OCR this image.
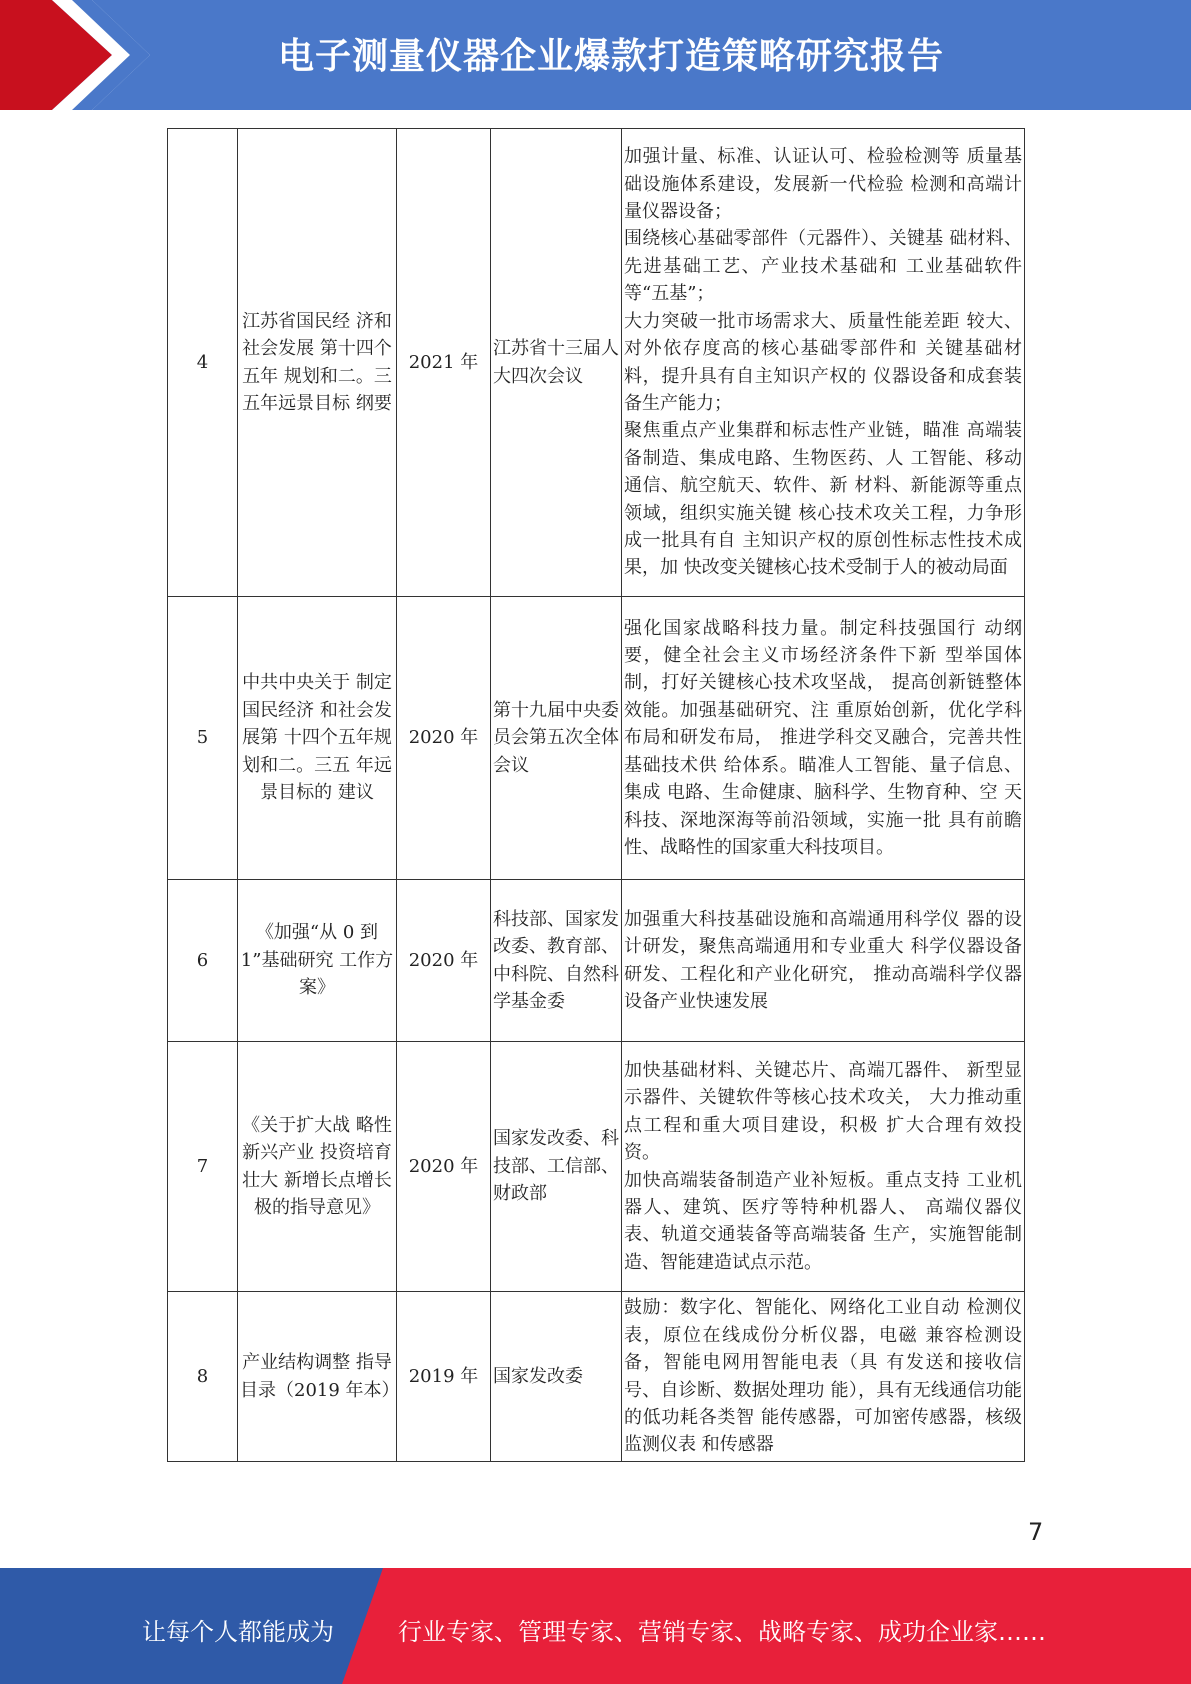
电子测量仪器企业爆款打造策略研究报告
4	江苏省国民经 济和社会发展 第十四个五年 规划和二。三 五年远景目标 纲要	2021 年	江苏省十三届人大四次会议	加强计量、标准、认证认可、检验检测等 质量基础设施体系建设，发展新一代检验 检测和高端计量仪器设备；
围绕核心基础零部件（元器件）、关键基 础材料、先进基础工艺、产业技术基础和 工业基础软件等“五基”；
大力突破一批市场需求大、质量性能差距 较大、对外依存度高的核心基础零部件和 关键基础材料，提升具有自主知识产权的 仪器设备和成套装备生产能力；
聚焦重点产业集群和标志性产业链，瞄准 高端装备制造、集成电路、生物医药、人 工智能、移动通信、航空航天、软件、新 材料、新能源等重点领域，组织实施关键 核心技术攻关工程，力争形成一批具有自 主知识产权的原创性标志性技术成果，加 快改变关键核心技术受制于人的被动局面

5	中共中央关于 制定国民经济 和社会发展第 十四个五年规 划和二。三五 年远景目标的 建议	2020 年	第十九届中央委员会第五次全体会议	强化国家战略科技力量。制定科技强国行 动纲要，健全社会主义市场经济条件下新 型举国体制，打好关键核心技术攻坚战， 提高创新链整体效能。加强基础研究、注 重原始创新，优化学科布局和研发布局， 推进学科交叉融合，完善共性基础技术供 给体系。瞄准人工智能、量子信息、集成 电路、生命健康、脑科学、生物育种、空 天科技、深地深海等前沿领域，实施一批 具有前瞻性、战略性的国家重大科技项目。

6	《加强“从 0 到 1”基础研究 工作方案》	2020 年	科技部、国家发改委、教育部、中科院、自然科学基金委	加强重大科技基础设施和高端通用科学仪 器的设计研发，聚焦高端通用和专业重大 科学仪器设备研发、工程化和产业化研究， 推动高端科学仪器设备产业快速发展

7	《关于扩大战 略性新兴产业 投资培育壮大 新增长点增长 极的指导意见》	2020 年	国家发改委、科技部、工信部、财政部	加快基础材料、关键芯片、高端兀器件、 新型显示器件、关键软件等核心技术攻关， 大力推动重点工程和重大项目建设，积极 扩大合理有效投资。
加快高端装备制造产业补短板。重点支持 工业机器人、建筑、医疗等特种机器人、 高端仪器仪表、轨道交通装备等高端装备 生产，实施智能制造、智能建造试点示范。

8	产业结构调整 指导目录（2019 年本）	2019 年	国家发改委	鼓励：数字化、智能化、网络化工业自动 检测仪表，原位在线成份分析仪器，电磁 兼容检测设备，智能电网用智能电表（具 有发送和接收信号、自诊断、数据处理功 能），具有无线通信功能的低功耗各类智 能传感器，可加密传感器，核级监测仪表 和传感器
7
让每个人都能成为	行业专家、管理专家、营销专家、战略专家、成功企业家……
